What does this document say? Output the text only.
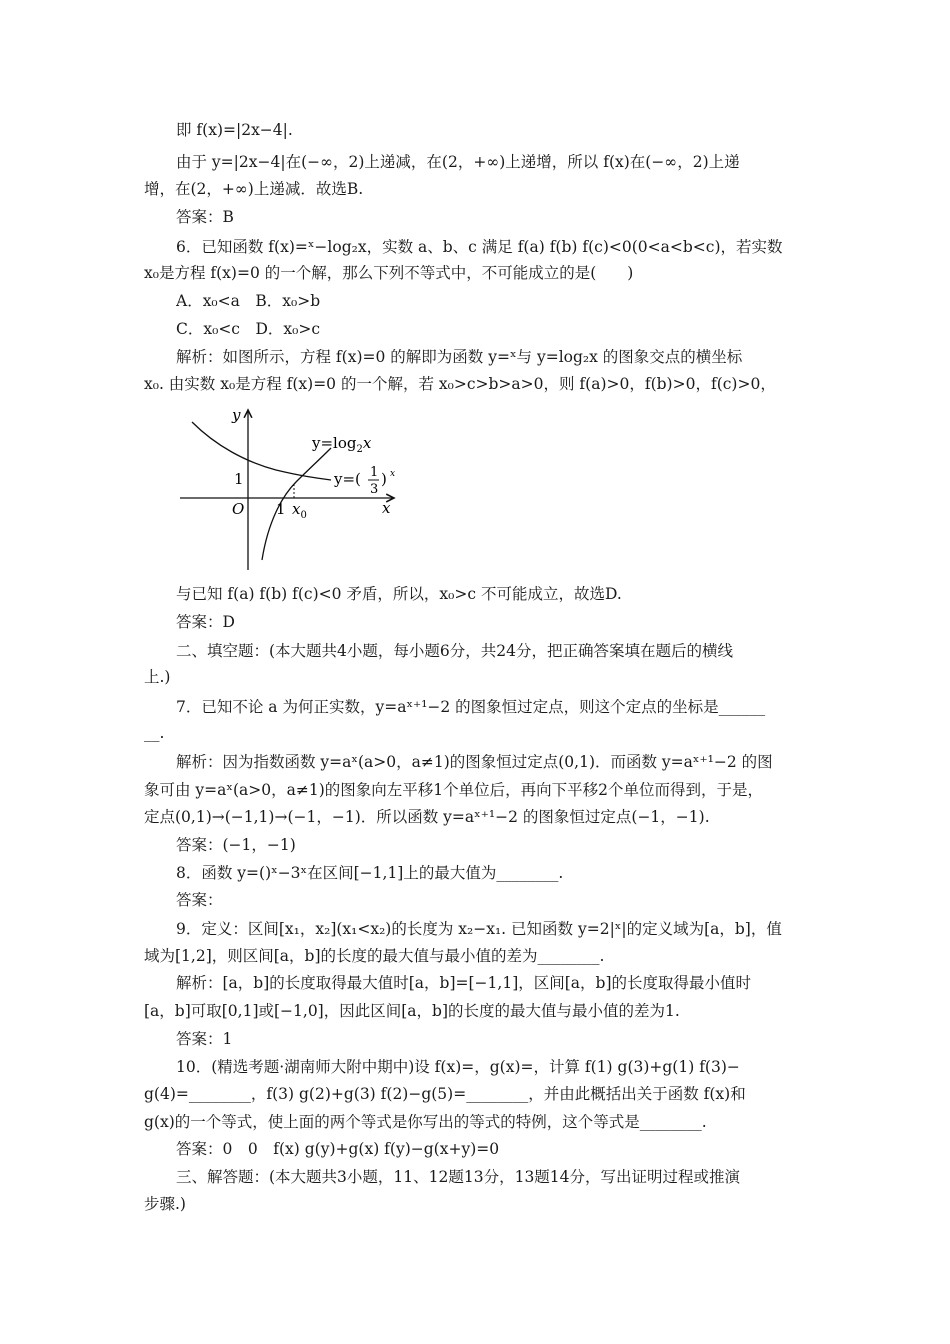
即 f(x)=|2x−4|.
由于 y=|2x−4|在(−∞，2)上递减，在(2，+∞)上递增，所以 f(x)在(−∞，2)上递
增，在(2，+∞)上递减．故选B.
答案：B
6．已知函数 f(x)=ˣ−log₂x，实数 a、b、c 满足 f(a) f(b) f(c)<0(0<a<b<c)，若实数
x₀是方程 f(x)=0 的一个解，那么下列不等式中，不可能成立的是(　　)
A．x₀<a　B．x₀>b
C．x₀<c　D．x₀>c
解析：如图所示，方程 f(x)=0 的解即为函数 y=ˣ与 y=log₂x 的图象交点的横坐标
x₀. 由实数 x₀是方程 f(x)=0 的一个解，若 x₀>c>b>a>0，则 f(a)>0，f(b)>0，f(c)>0，
y
x
O
1
1 $x_0$
$y=\log_2x$
y=( 1
3
) x
与已知 f(a) f(b) f(c)<0 矛盾，所以，x₀>c 不可能成立，故选D.
答案：D
二、填空题：(本大题共4小题，每小题6分，共24分，把正确答案填在题后的横线
上.)
7．已知不论 a 为何正实数，y=aˣ⁺¹−2 的图象恒过定点，则这个定点的坐标是______
__.
解析：因为指数函数 y=aˣ(a>0，a≠1)的图象恒过定点(0,1)．而函数 y=aˣ⁺¹−2 的图
象可由 y=aˣ(a>0，a≠1)的图象向左平移1个单位后，再向下平移2个单位而得到，于是，
定点(0,1)→(−1,1)→(−1，−1)．所以函数 y=aˣ⁺¹−2 的图象恒过定点(−1，−1).
答案：(−1，−1)
8．函数 y=()ˣ−3ˣ在区间[−1,1]上的最大值为________.
答案：
9．定义：区间[x₁，x₂](x₁<x₂)的长度为 x₂−x₁. 已知函数 y=2|ˣ|的定义域为[a，b]，值
域为[1,2]，则区间[a，b]的长度的最大值与最小值的差为________.
解析：[a，b]的长度取得最大值时[a，b]=[−1,1]，区间[a，b]的长度取得最小值时
[a，b]可取[0,1]或[−1,0]，因此区间[a，b]的长度的最大值与最小值的差为1.
答案：1
10．(精选考题·湖南师大附中期中)设 f(x)=，g(x)=，计算 f(1) g(3)+g(1) f(3)−
g(4)=________，f(3) g(2)+g(3) f(2)−g(5)=________，并由此概括出关于函数 f(x)和
g(x)的一个等式，使上面的两个等式是你写出的等式的特例，这个等式是________.
答案：0　0　f(x) g(y)+g(x) f(y)−g(x+y)=0
三、解答题：(本大题共3小题，11、12题13分，13题14分，写出证明过程或推演
步骤.)
